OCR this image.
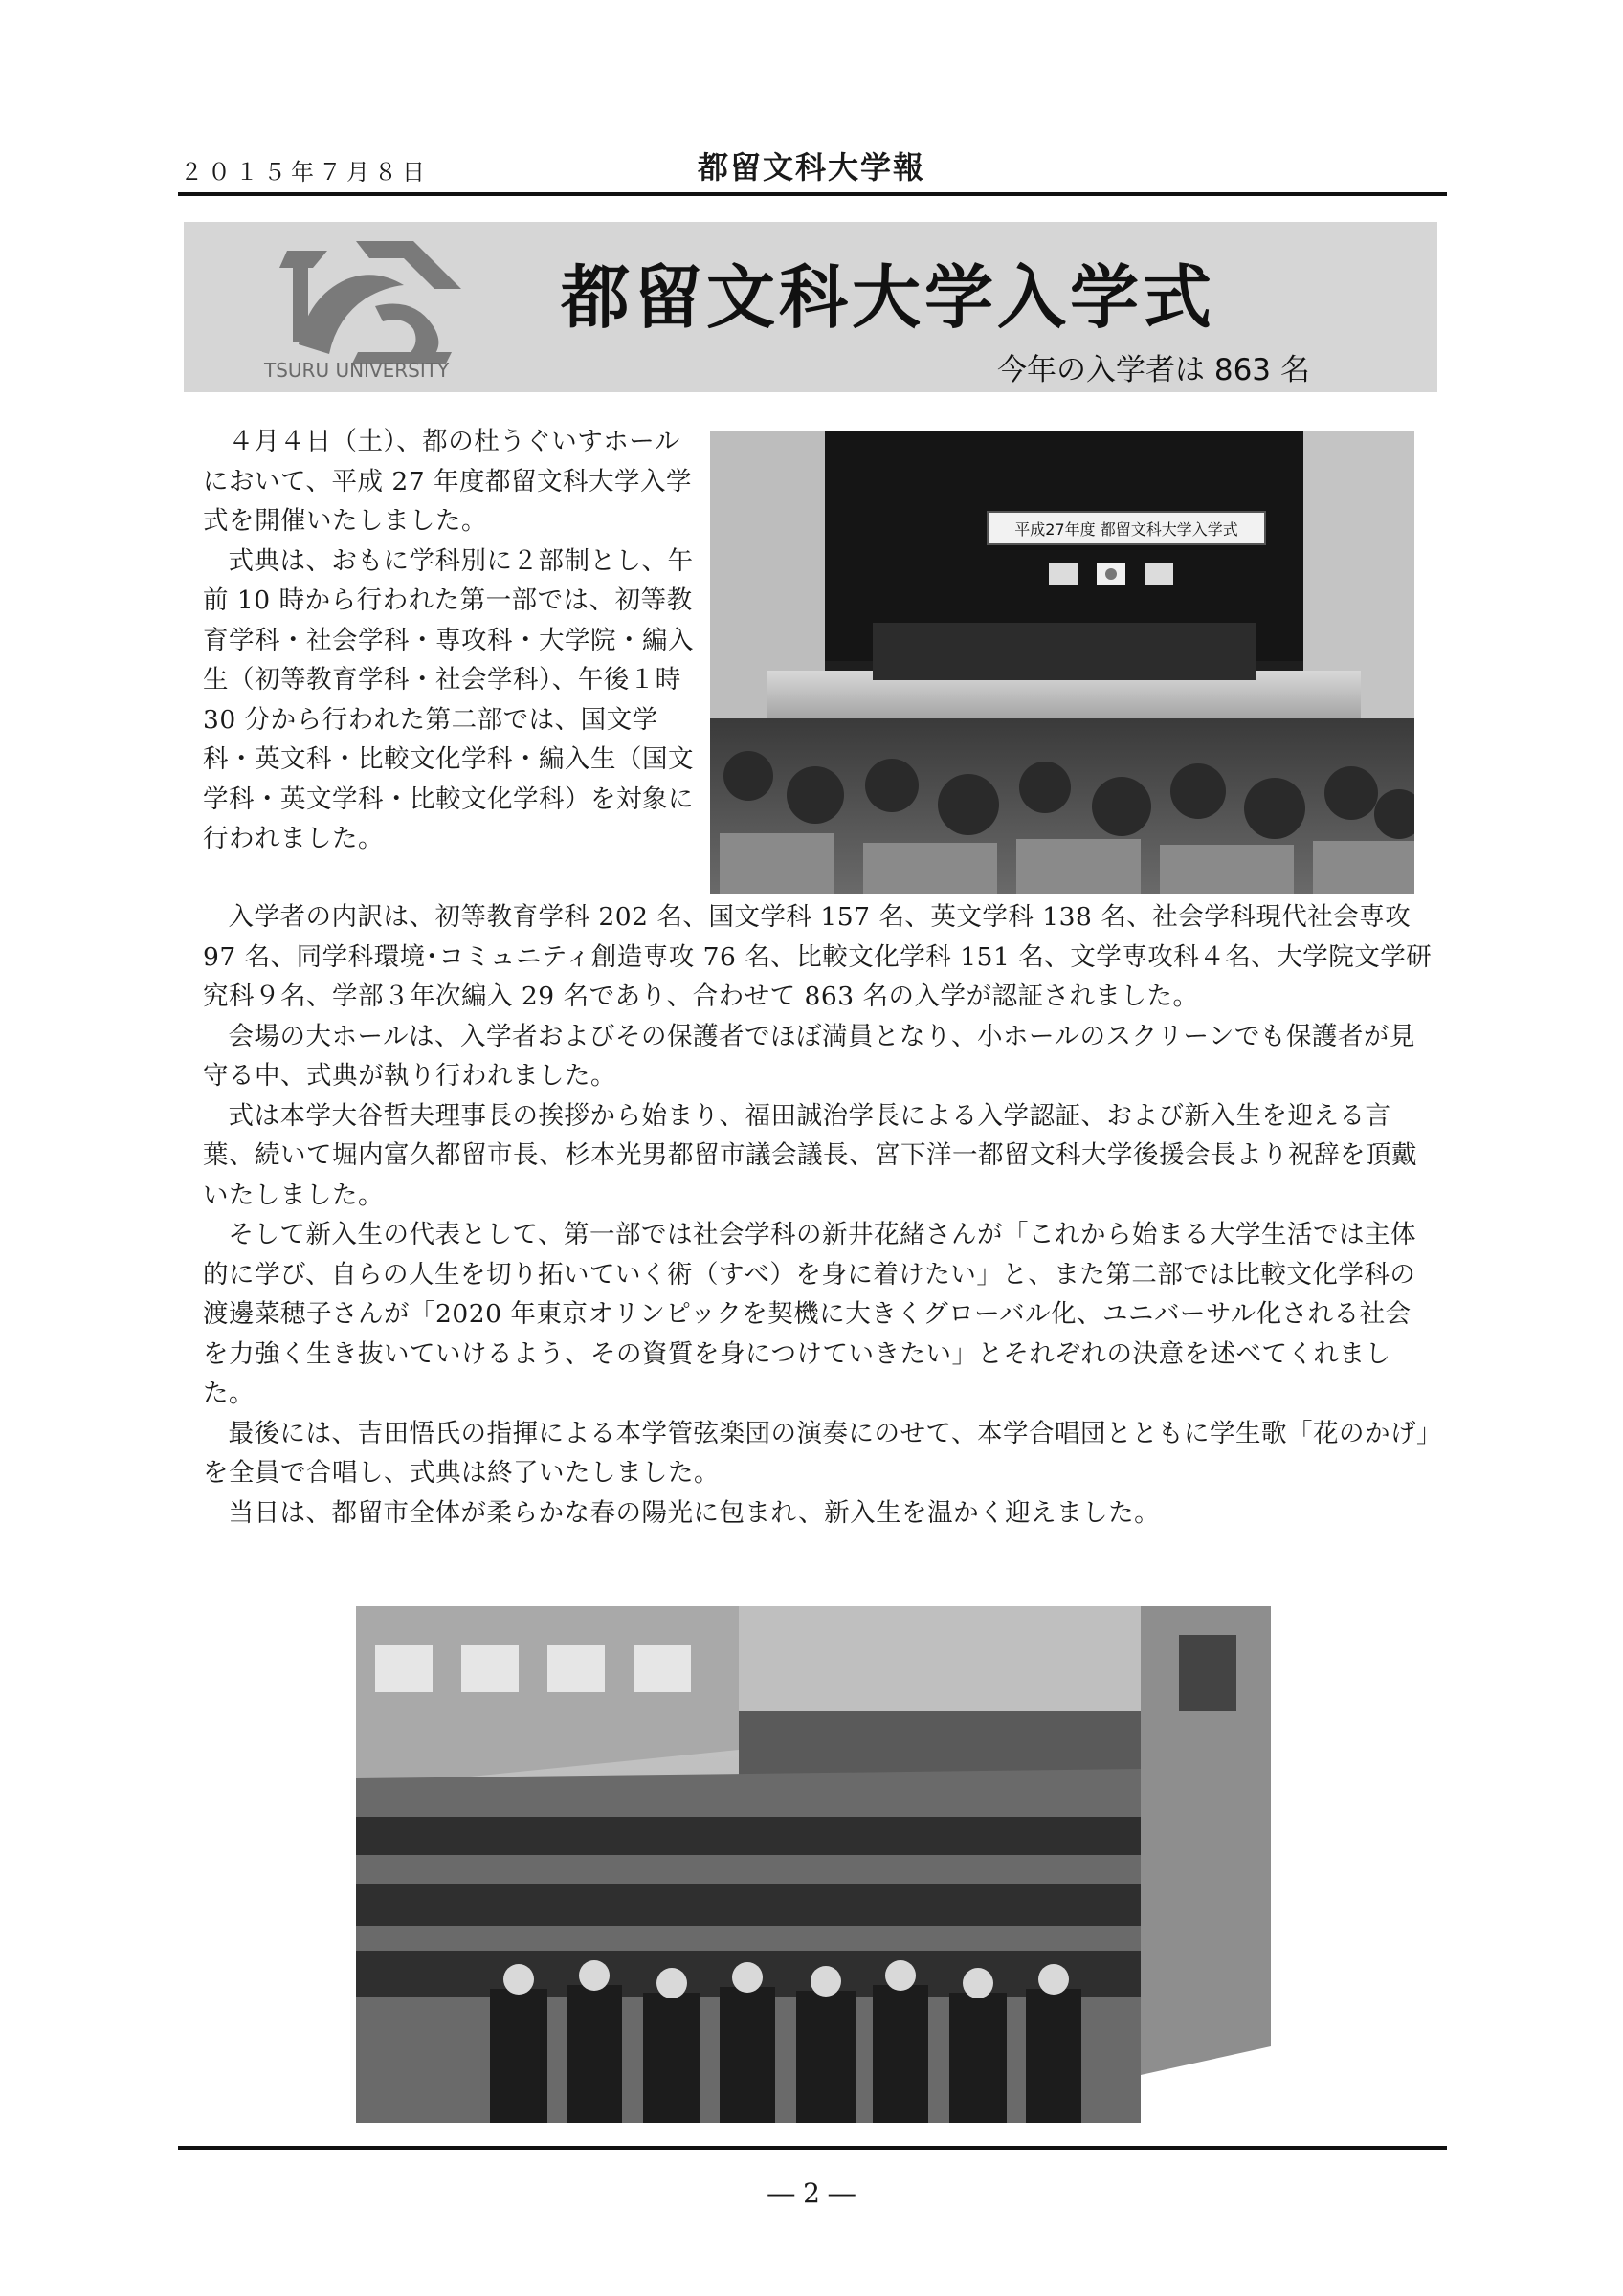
２０１５年７月８日	都留文科大学報
TSURU UNIVERSITY
都留文科大学入学式
今年の入学者は 863 名

４月４日（土）、都の杜うぐいすホールにおいて、平成 27 年度都留文科大学入学式を開催いたしました。

式典は、おもに学科別に２部制とし、午前 10 時から行われた第一部では、初等教育学科・社会学科・専攻科・大学院・編入生（初等教育学科・社会学科）、午後１時 30 分から行われた第二部では、国文学科・英文科・比較文化学科・編入生（国文学科・英文学科・比較文化学科）を対象に行われました。

平成27年度 都留文科大学入学式

入学者の内訳は、初等教育学科 202 名、国文学科 157 名、英文学科 138 名、社会学科現代社会専攻 97 名、同学科環境･コミュニティ創造専攻 76 名、比較文化学科 151 名、文学専攻科４名、大学院文学研究科９名、学部３年次編入 29 名であり、合わせて 863 名の入学が認証されました。

会場の大ホールは、入学者およびその保護者でほぼ満員となり、小ホールのスクリーンでも保護者が見守る中、式典が執り行われました。

式は本学大谷哲夫理事長の挨拶から始まり、福田誠治学長による入学認証、および新入生を迎える言葉、続いて堀内富久都留市長、杉本光男都留市議会議長、宮下洋一都留文科大学後援会長より祝辞を頂戴いたしました。

そして新入生の代表として、第一部では社会学科の新井花緒さんが「これから始まる大学生活では主体的に学び、自らの人生を切り拓いていく術（すべ）を身に着けたい」と、また第二部では比較文化学科の渡邊菜穂子さんが「2020 年東京オリンピックを契機に大きくグローバル化、ユニバーサル化される社会を力強く生き抜いていけるよう、その資質を身につけていきたい」とそれぞれの決意を述べてくれました。

最後には、吉田悟氏の指揮による本学管弦楽団の演奏にのせて、本学合唱団とともに学生歌「花のかげ」を全員で合唱し、式典は終了いたしました。

当日は、都留市全体が柔らかな春の陽光に包まれ、新入生を温かく迎えました。

― 2 ―
